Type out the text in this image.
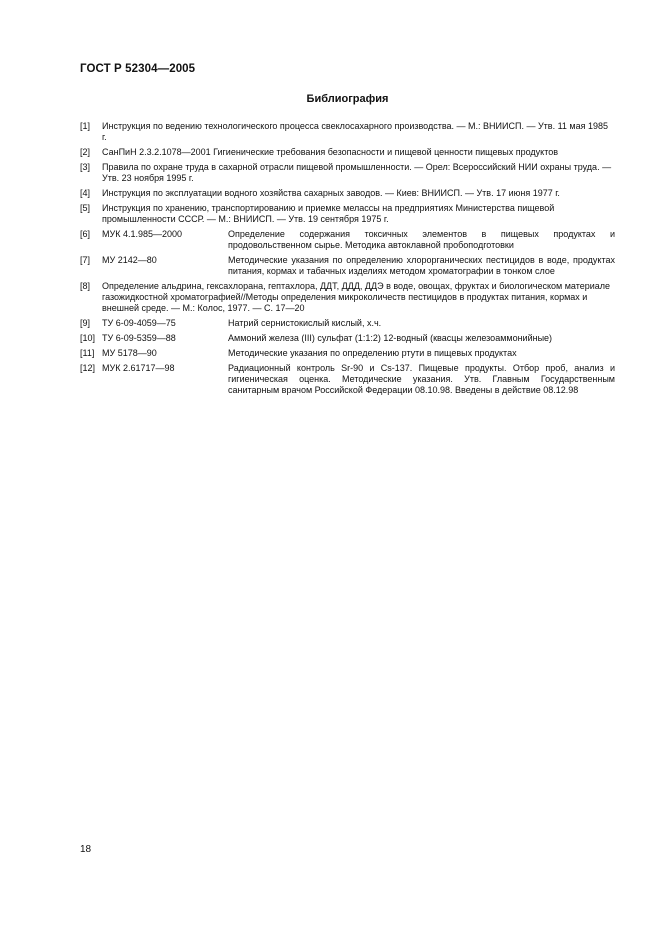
ГОСТ Р 52304—2005
Библиография
[1]	Инструкция по ведению технологического процесса свеклосахарного производства. — М.: ВНИИСП. — Утв. 11 мая 1985 г.
[2]	СанПиН 2.3.2.1078—2001 Гигиенические требования безопасности и пищевой ценности пищевых продуктов
[3]	Правила по охране труда в сахарной отрасли пищевой промышленности. — Орел: Всероссийский НИИ охраны труда. — Утв. 23 ноября 1995 г.
[4]	Инструкция по эксплуатации водного хозяйства сахарных заводов. — Киев: ВНИИСП. — Утв. 17 июня 1977 г.
[5]	Инструкция по хранению, транспортированию и приемке мелассы на предприятиях Министерства пищевой промышленности СССР. — М.: ВНИИСП. — Утв. 19 сентября 1975 г.
[6]	МУК 4.1.985—2000	Определение содержания токсичных элементов в пищевых продуктах и продовольственном сырье. Методика автоклавной пробоподготовки
[7]	МУ 2142—80	Методические указания по определению хлорорганических пестицидов в воде, продуктах питания, кормах и табачных изделиях методом хроматографии в тонком слое
[8]	Определение альдрина, гексахлорана, гептахлора, ДДТ, ДДД, ДДЭ в воде, овощах, фруктах и биологическом материале газожидкостной хроматографией//Методы определения микроколичеств пестицидов в продуктах питания, кормах и внешней среде. — М.: Колос, 1977. — С. 17—20
[9]	ТУ 6-09-4059—75	Натрий сернистокислый кислый, х.ч.
[10] ТУ 6-09-5359—88	Аммоний железа (III) сульфат (1:1:2) 12-водный (квасцы железоаммонийные)
[11] МУ 5178—90	Методические указания по определению ртути в пищевых продуктах
[12] МУК 2.61717—98	Радиационный контроль Sr-90 и Cs-137. Пищевые продукты. Отбор проб, анализ и гигиеническая оценка. Методические указания. Утв. Главным Государственным санитарным врачом Российской Федерации 08.10.98. Введены в действие 08.12.98
18
